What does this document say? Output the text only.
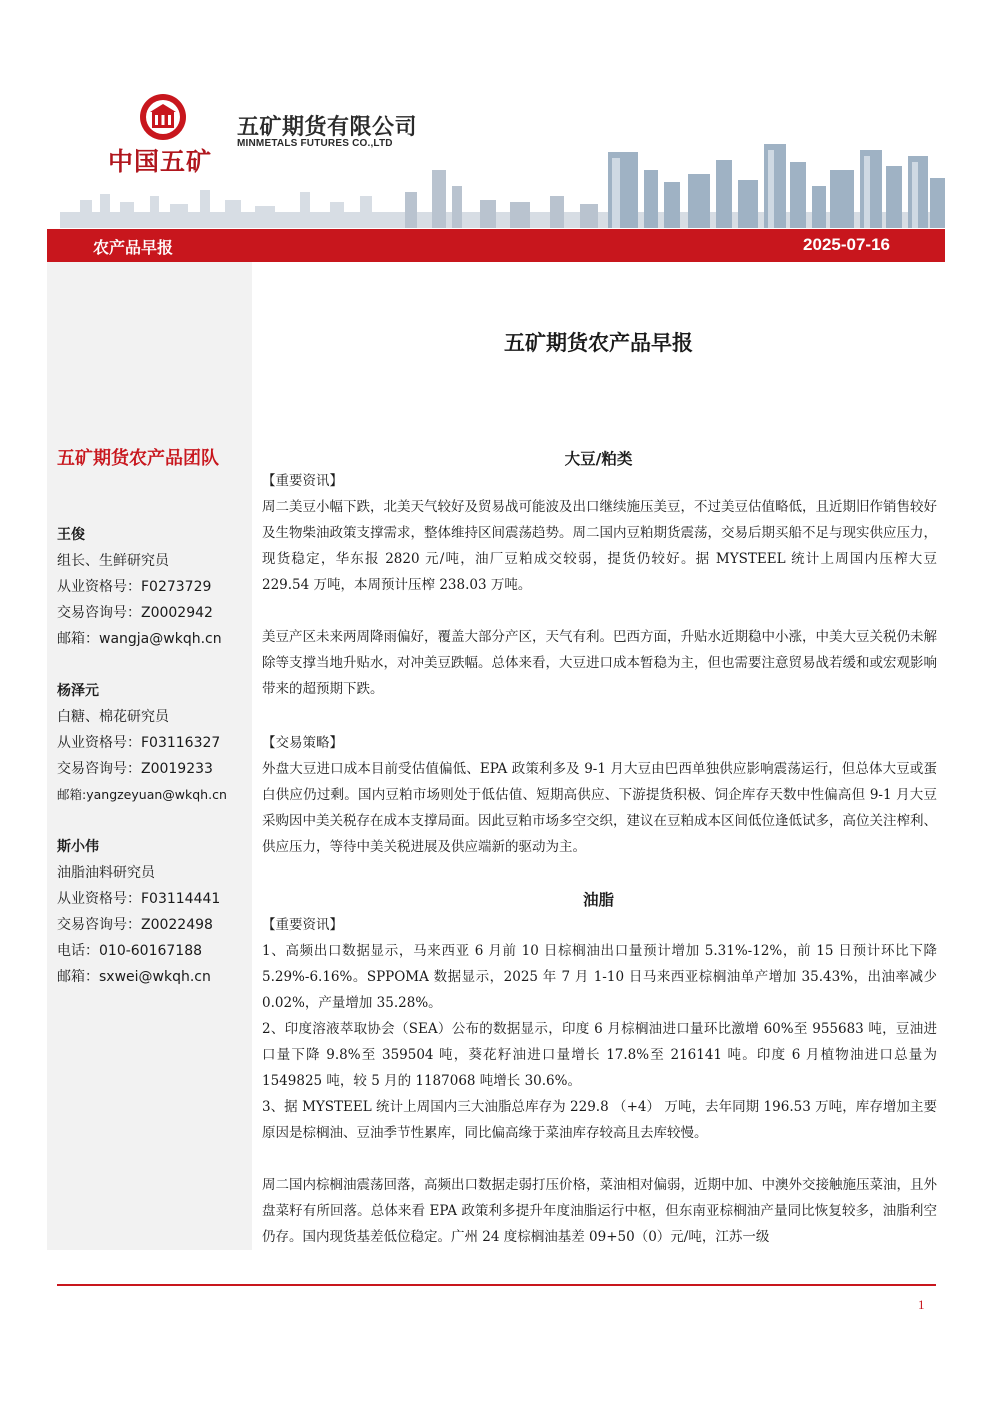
中国五矿
五矿期货有限公司
MINMETALS FUTURES CO.,LTD
农产品早报	2025-07-16
五矿期货农产品团队
王俊
组长、生鲜研究员
从业资格号：F0273729
交易咨询号：Z0002942
邮箱：wangja@wkqh.cn
杨泽元
白糖、棉花研究员
从业资格号：F03116327
交易咨询号：Z0019233
邮箱:yangzeyuan@wkqh.cn
斯小伟
油脂油料研究员
从业资格号：F03114441
交易咨询号：Z0022498
电话：010-60167188
邮箱：sxwei@wkqh.cn
五矿期货农产品早报
大豆/粕类
【重要资讯】
周二美豆小幅下跌，北美天气较好及贸易战可能波及出口继续施压美豆，不过美豆估值略低，且近期旧作销售较好及生物柴油政策支撑需求，整体维持区间震荡趋势。周二国内豆粕期货震荡，交易后期买船不足与现实供应压力，现货稳定，华东报 2820 元/吨，油厂豆粕成交较弱，提货仍较好。据 MYSTEEL 统计上周国内压榨大豆 229.54 万吨，本周预计压榨 238.03 万吨。
美豆产区未来两周降雨偏好，覆盖大部分产区，天气有利。巴西方面，升贴水近期稳中小涨，中美大豆关税仍未解除等支撑当地升贴水，对冲美豆跌幅。总体来看，大豆进口成本暂稳为主，但也需要注意贸易战若缓和或宏观影响带来的超预期下跌。
【交易策略】
外盘大豆进口成本目前受估值偏低、EPA 政策利多及 9-1 月大豆由巴西单独供应影响震荡运行，但总体大豆或蛋白供应仍过剩。国内豆粕市场则处于低估值、短期高供应、下游提货积极、饲企库存天数中性偏高但 9-1 月大豆采购因中美关税存在成本支撑局面。因此豆粕市场多空交织，建议在豆粕成本区间低位逢低试多，高位关注榨利、供应压力，等待中美关税进展及供应端新的驱动为主。
油脂
【重要资讯】
1、高频出口数据显示，马来西亚 6 月前 10 日棕榈油出口量预计增加 5.31%-12%，前 15 日预计环比下降 5.29%-6.16%。SPPOMA 数据显示，2025 年 7 月 1-10 日马来西亚棕榈油单产增加 35.43%，出油率减少 0.02%，产量增加 35.28%。
2、印度溶液萃取协会（SEA）公布的数据显示，印度 6 月棕榈油进口量环比激增 60%至 955683 吨，豆油进口量下降 9.8%至 359504 吨，葵花籽油进口量增长 17.8%至 216141 吨。印度 6 月植物油进口总量为 1549825 吨，较 5 月的 1187068 吨增长 30.6%。
3、据 MYSTEEL 统计上周国内三大油脂总库存为 229.8 （+4） 万吨，去年同期 196.53 万吨，库存增加主要原因是棕榈油、豆油季节性累库，同比偏高缘于菜油库存较高且去库较慢。
周二国内棕榈油震荡回落，高频出口数据走弱打压价格，菜油相对偏弱，近期中加、中澳外交接触施压菜油，且外盘菜籽有所回落。总体来看 EPA 政策利多提升年度油脂运行中枢，但东南亚棕榈油产量同比恢复较多，油脂利空仍存。国内现货基差低位稳定。广州 24 度棕榈油基差 09+50（0）元/吨，江苏一级
1
